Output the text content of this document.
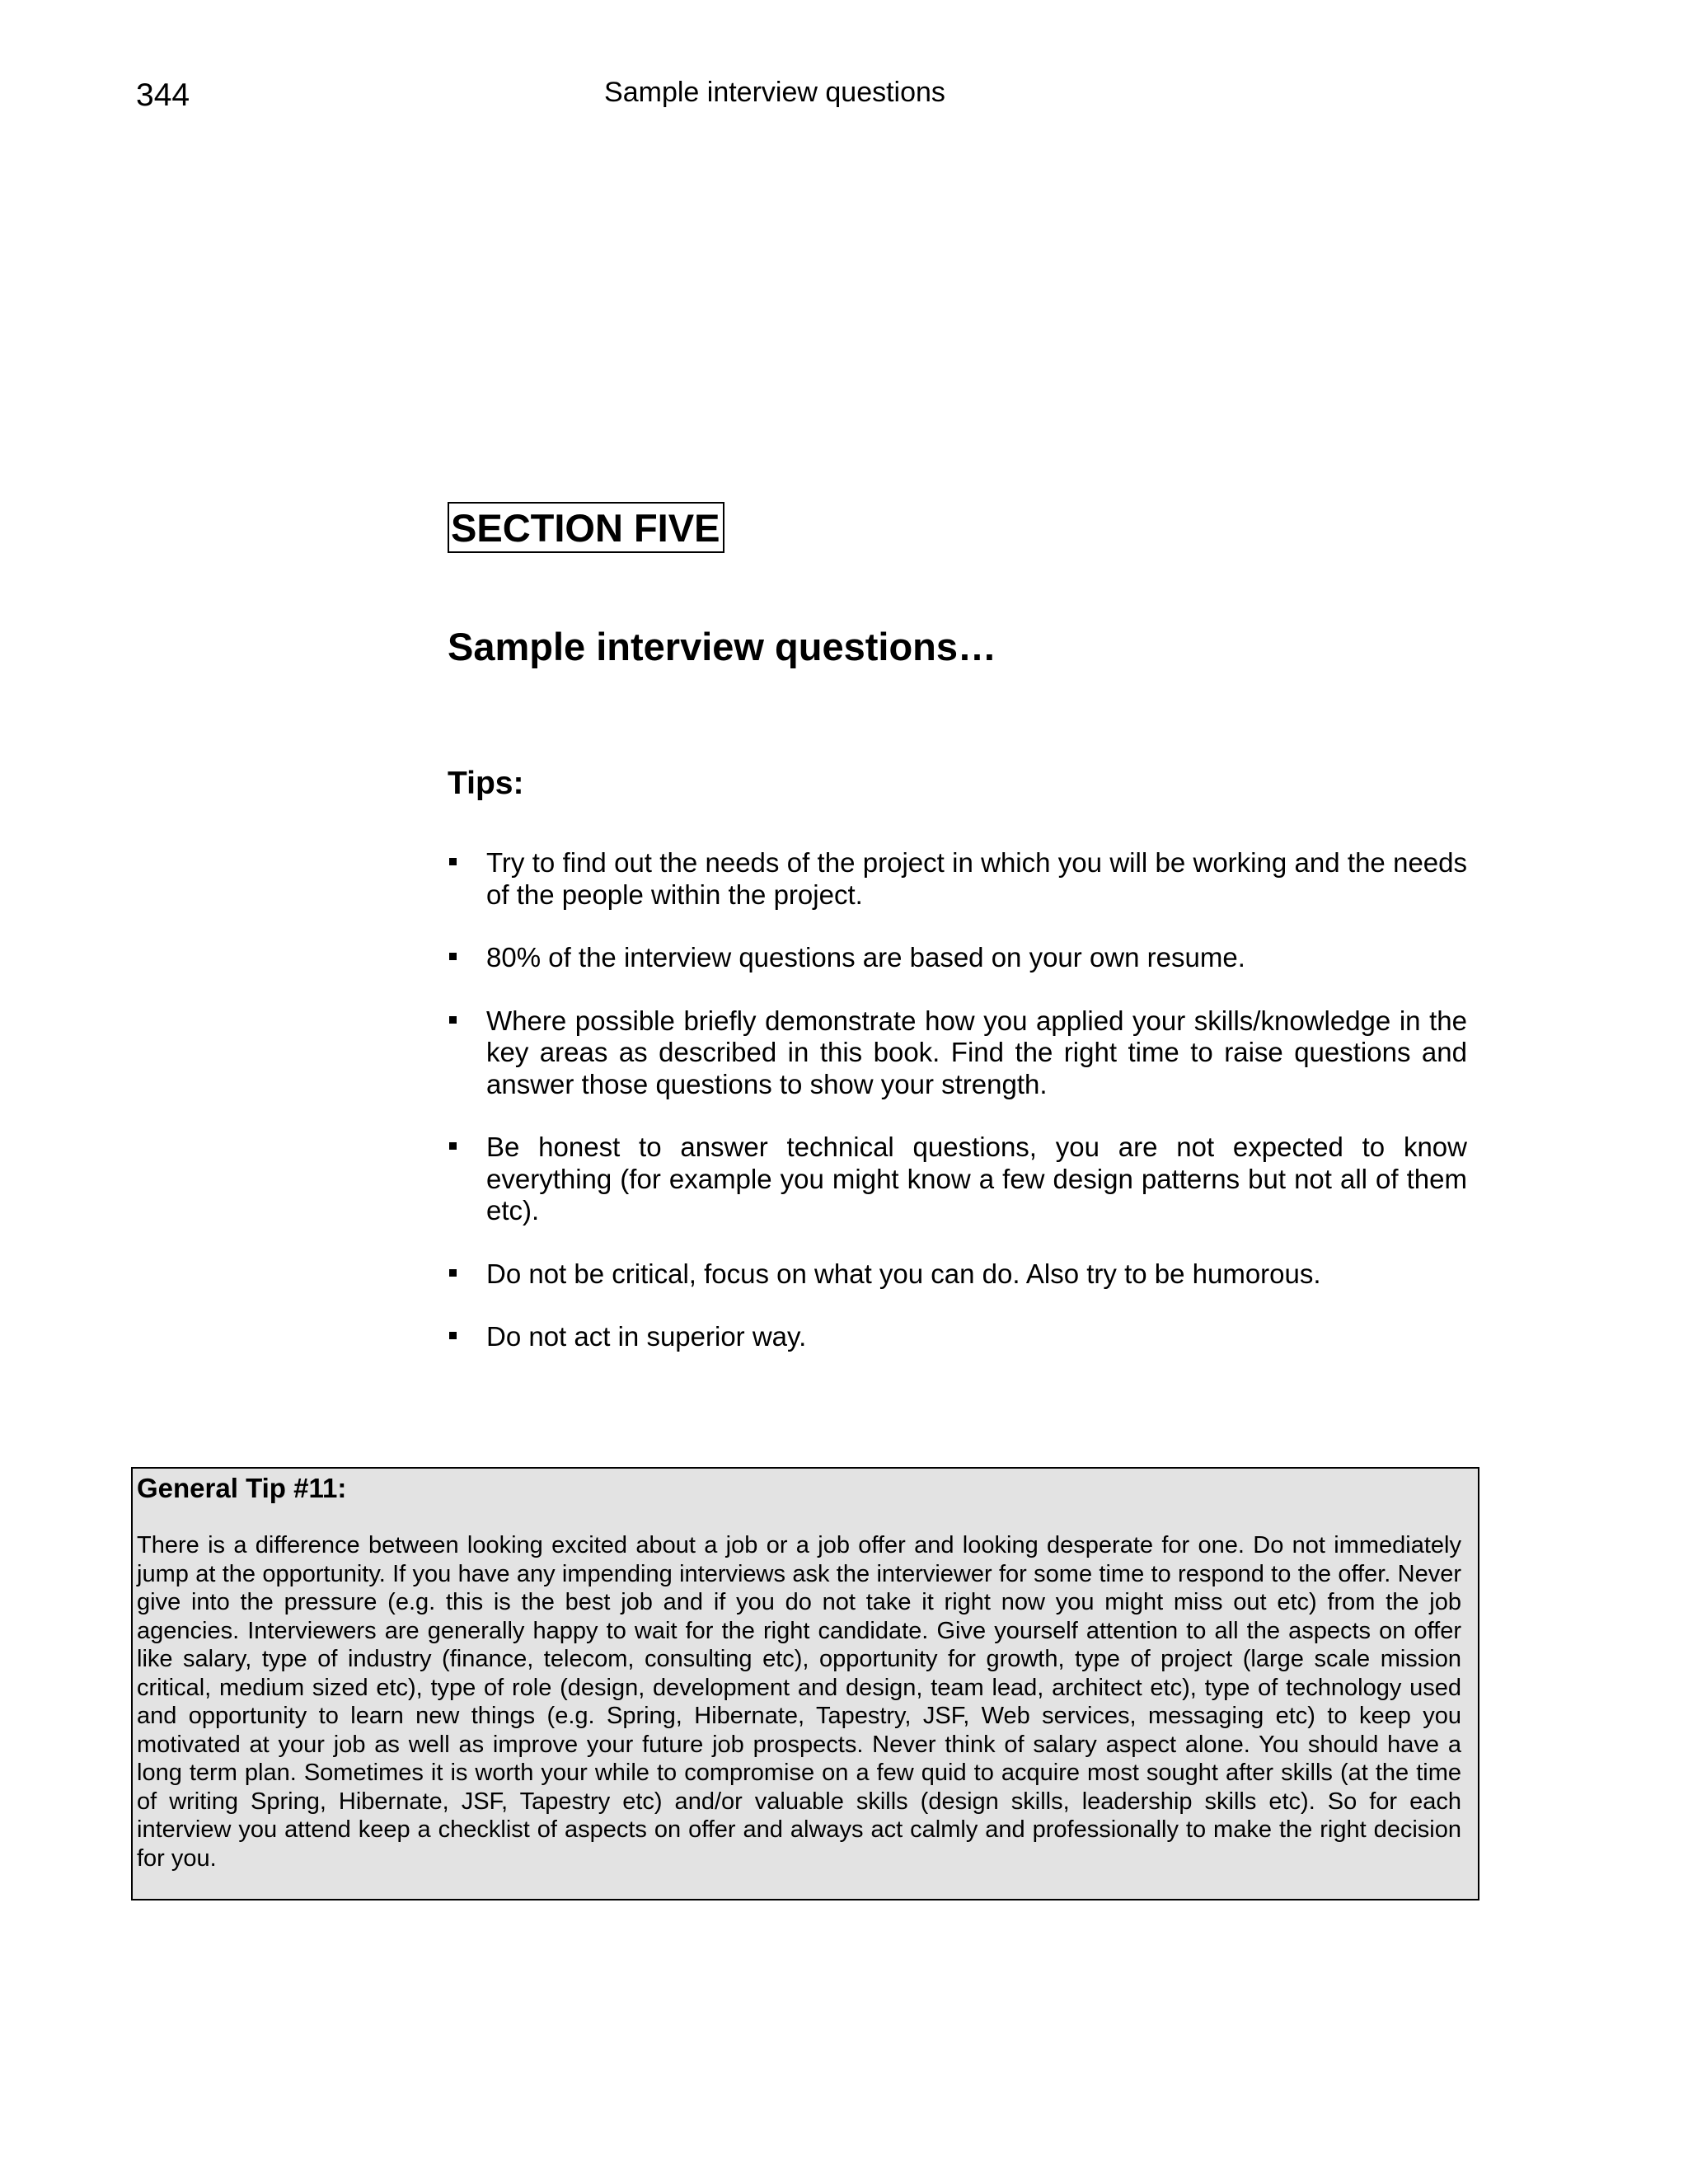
344	Sample interview questions
SECTION FIVE
Sample interview questions…
Tips:
Try to find out the needs of the project in which you will be working and the needs of the people within the project.
80% of the interview questions are based on your own resume.
Where possible briefly demonstrate how you applied your skills/knowledge in the key areas as described in this book. Find the right time to raise questions and answer those questions to show your strength.
Be honest to answer technical questions, you are not expected to know everything (for example you might know a few design patterns but not all of them etc).
Do not be critical, focus on what you can do. Also try to be humorous.
Do not act in superior way.

General Tip #11:

There is a difference between looking excited about a job or a job offer and looking desperate for one. Do not immediately jump at the opportunity. If you have any impending interviews ask the interviewer for some time to respond to the offer. Never give into the pressure (e.g. this is the best job and if you do not take it right now you might miss out etc) from the job agencies. Interviewers are generally happy to wait for the right candidate. Give yourself attention to all the aspects on offer like salary, type of industry (finance, telecom, consulting etc), opportunity for growth, type of project (large scale mission critical, medium sized etc), type of role (design, development and design, team lead, architect etc), type of technology used and opportunity to learn new things (e.g. Spring, Hibernate, Tapestry, JSF, Web services, messaging etc) to keep you motivated at your job as well as improve your future job prospects. Never think of salary aspect alone. You should have a long term plan. Sometimes it is worth your while to compromise on a few quid to acquire most sought after skills (at the time of writing Spring, Hibernate, JSF, Tapestry etc) and/or valuable skills (design skills, leadership skills etc). So for each interview you attend keep a checklist of aspects on offer and always act calmly and professionally to make the right decision for you.
